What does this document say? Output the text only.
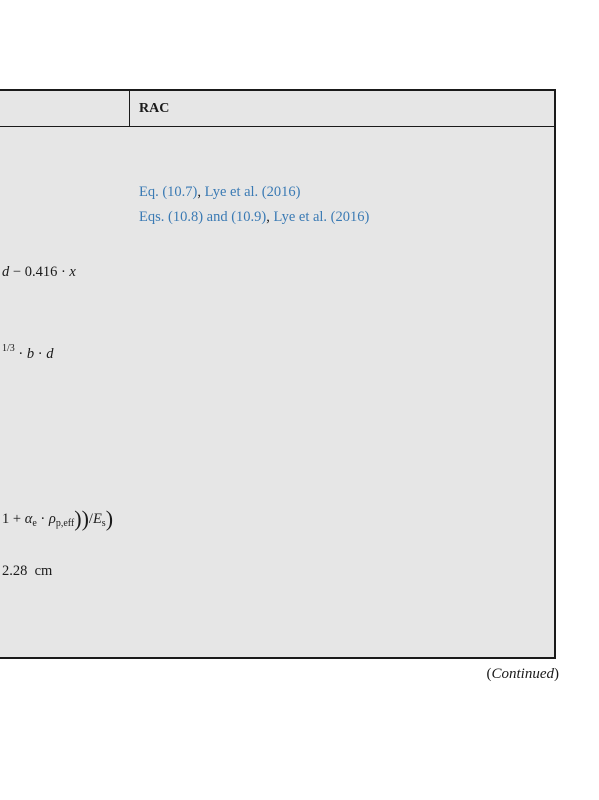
RAC
Eq. (10.7), Lye et al. (2016)
Eqs. (10.8) and (10.9), Lye et al. (2016)
d − 0.416 · x
$^{1/3}$ · b · d
$1 + \alpha_e \cdot \rho_{p,eff}))/E_s$)
2.28 cm
(Continued)
